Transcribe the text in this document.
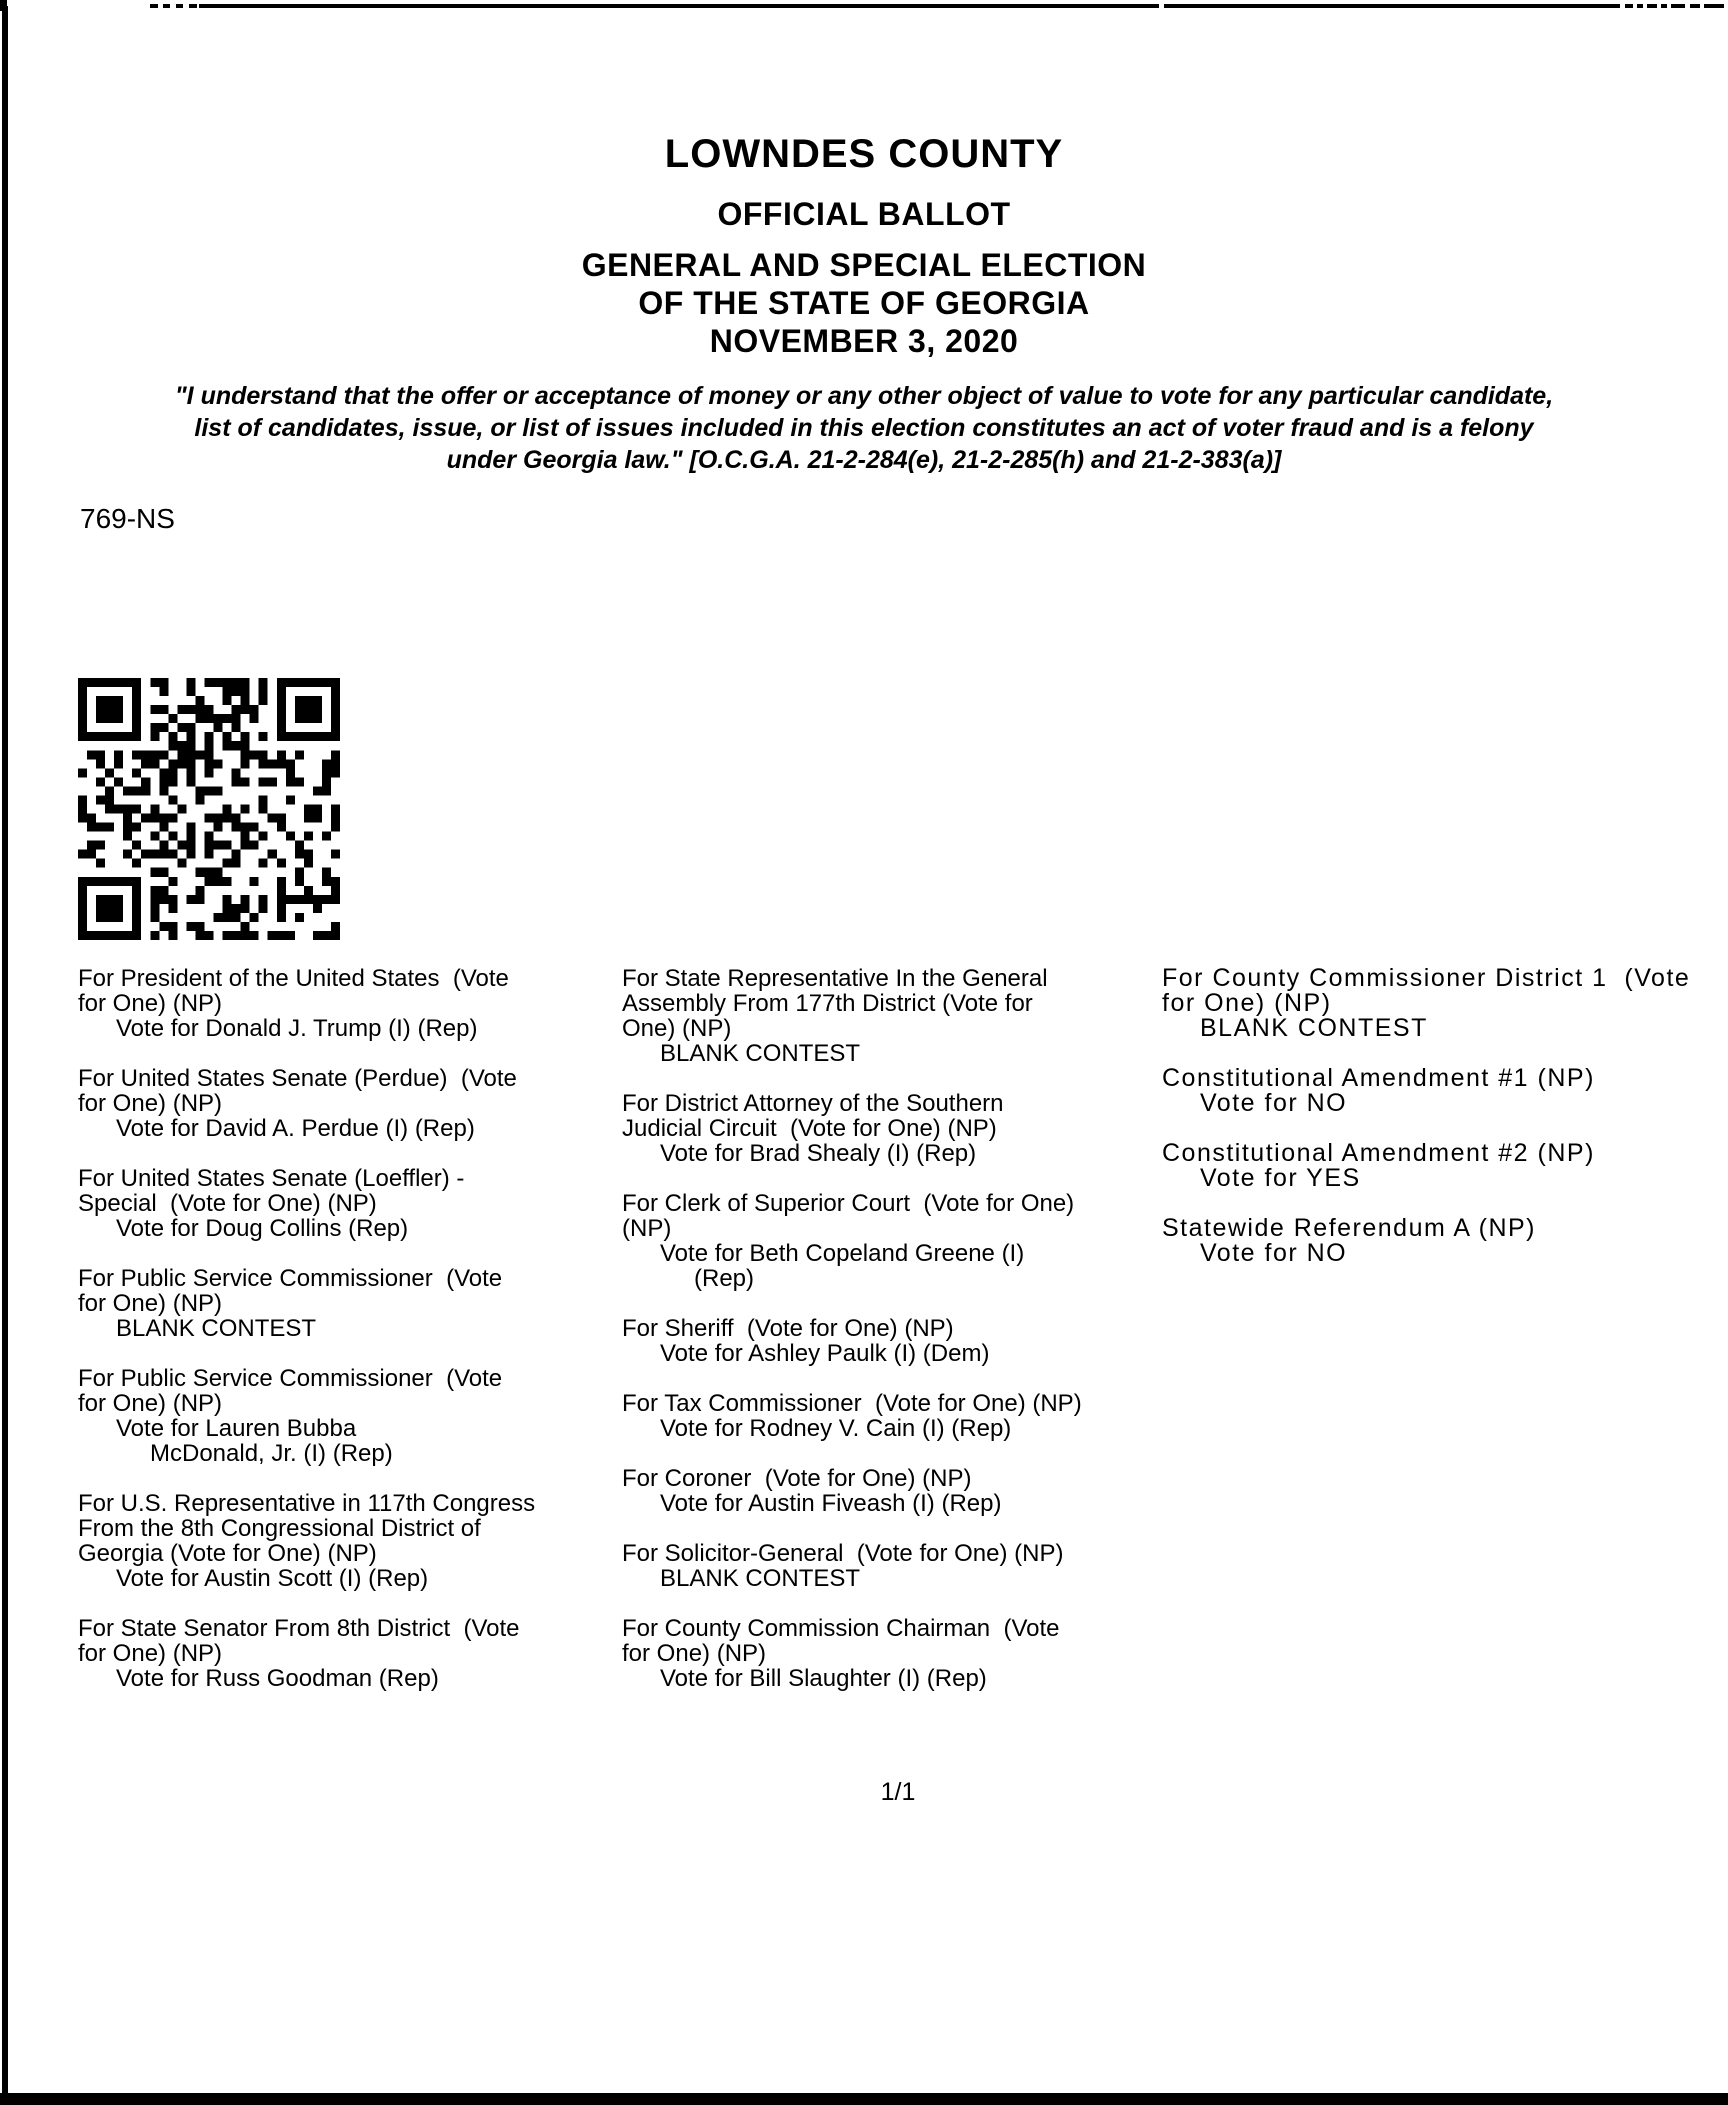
LOWNDES COUNTY
OFFICIAL BALLOT
GENERAL AND SPECIAL ELECTION
OF THE STATE OF GEORGIA
NOVEMBER 3, 2020
"I understand that the offer or acceptance of money or any other object of value to vote for any particular candidate,
list of candidates, issue, or list of issues included in this election constitutes an act of voter fraud and is a felony
under Georgia law." [O.C.G.A. 21-2-284(e), 21-2-285(h) and 21-2-383(a)]
769-NS
For President of the United States  (Vote
for One) (NP)
Vote for Donald J. Trump (I) (Rep)
For United States Senate (Perdue)  (Vote
for One) (NP)
Vote for David A. Perdue (I) (Rep)
For United States Senate (Loeffler) -
Special  (Vote for One) (NP)
Vote for Doug Collins (Rep)
For Public Service Commissioner  (Vote
for One) (NP)
BLANK CONTEST
For Public Service Commissioner  (Vote
for One) (NP)
Vote for Lauren Bubba
McDonald, Jr. (I) (Rep)
For U.S. Representative in 117th Congress
From the 8th Congressional District of
Georgia (Vote for One) (NP)
Vote for Austin Scott (I) (Rep)
For State Senator From 8th District  (Vote
for One) (NP)
Vote for Russ Goodman (Rep)
For State Representative In the General
Assembly From 177th District (Vote for
One) (NP)
BLANK CONTEST
For District Attorney of the Southern
Judicial Circuit  (Vote for One) (NP)
Vote for Brad Shealy (I) (Rep)
For Clerk of Superior Court  (Vote for One)
(NP)
Vote for Beth Copeland Greene (I)
(Rep)
For Sheriff  (Vote for One) (NP)
Vote for Ashley Paulk (I) (Dem)
For Tax Commissioner  (Vote for One) (NP)
Vote for Rodney V. Cain (I) (Rep)
For Coroner  (Vote for One) (NP)
Vote for Austin Fiveash (I) (Rep)
For Solicitor-General  (Vote for One) (NP)
BLANK CONTEST
For County Commission Chairman  (Vote
for One) (NP)
Vote for Bill Slaughter (I) (Rep)
For County Commissioner District 1  (Vote
for One) (NP)
BLANK CONTEST
Constitutional Amendment #1 (NP)
Vote for NO
Constitutional Amendment #2 (NP)
Vote for YES
Statewide Referendum A (NP)
Vote for NO
1/1
